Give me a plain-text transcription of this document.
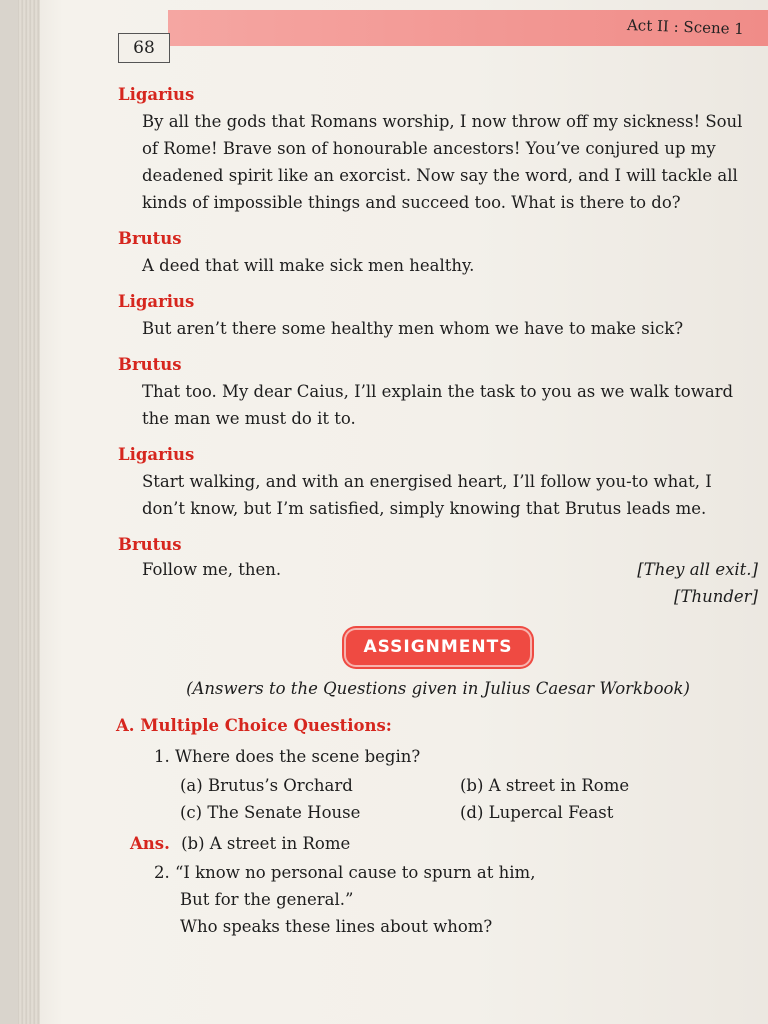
68
Act II : Scene 1

Ligarius

By all the gods that Romans worship, I now throw off my sickness! Soul of Rome! Brave son of honourable ancestors! You’ve conjured up my deadened spirit like an exorcist. Now say the word, and I will tackle all kinds of impossible things and succeed too. What is there to do?

Brutus

A deed that will make sick men healthy.

Ligarius

But aren’t there some healthy men whom we have to make sick?

Brutus

That too. My dear Caius, I’ll explain the task to you as we walk toward the man we must do it to.

Ligarius

Start walking, and with an energised heart, I’ll follow you-to what, I don’t know, but I’m satisfied, simply knowing that Brutus leads me.

Brutus

Follow me, then.	[They all exit.]
[Thunder]
ASSIGNMENTS
(Answers to the Questions given in Julius Caesar Workbook)
A. Multiple Choice Questions:
1. Where does the scene begin?
(a) Brutus’s Orchard	(b) A street in Rome
(c) The Senate House	(d) Lupercal Feast
Ans. (b) A street in Rome
2. “I know no personal cause to spurn at him,
But for the general.”
Who speaks these lines about whom?
